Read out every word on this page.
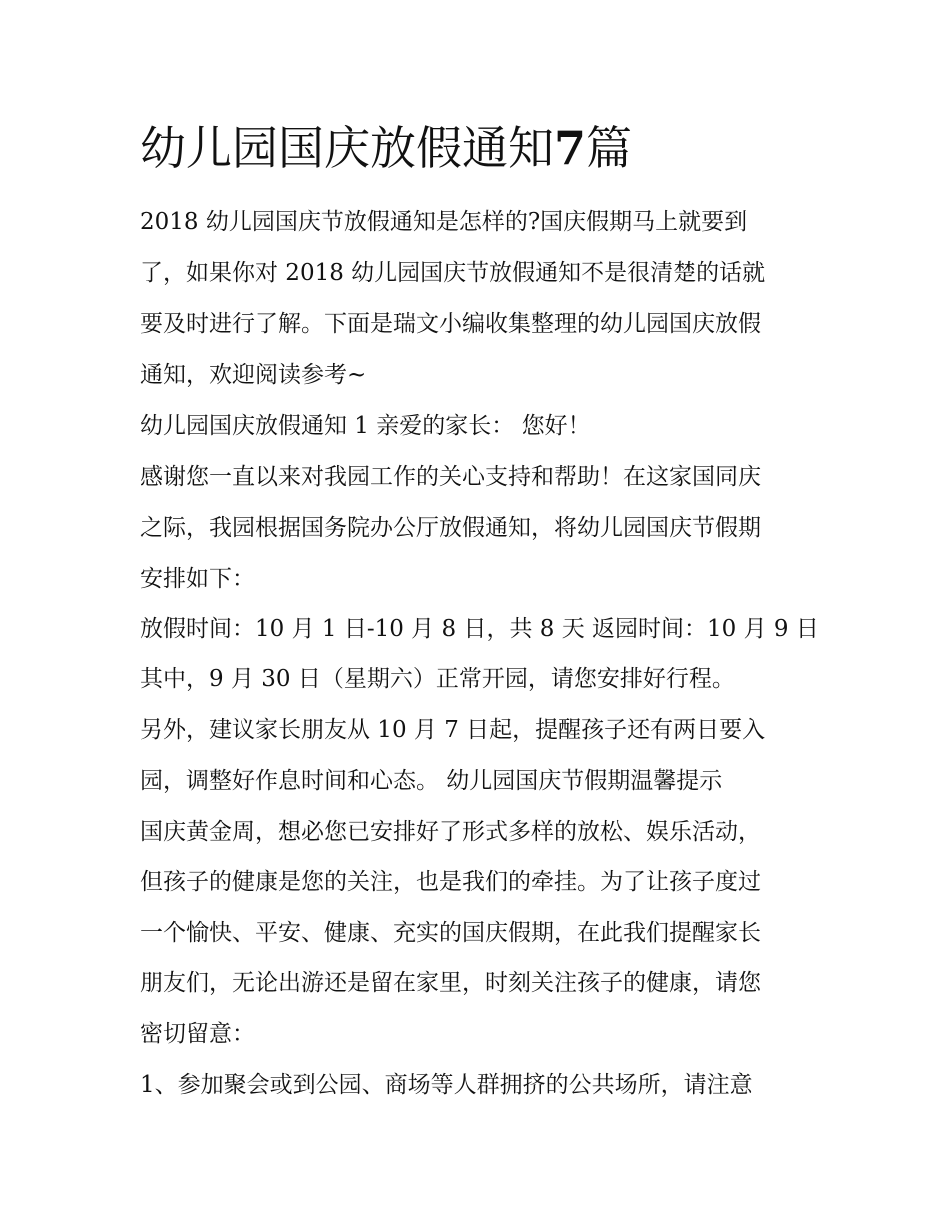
幼儿园国庆放假通知7篇
2018 幼儿园国庆节放假通知是怎样的?国庆假期马上就要到
了，如果你对 2018 幼儿园国庆节放假通知不是很清楚的话就
要及时进行了解。下面是瑞文小编收集整理的幼儿园国庆放假
通知，欢迎阅读参考~
幼儿园国庆放假通知 1 亲爱的家长： 您好！
感谢您一直以来对我园工作的关心支持和帮助！在这家国同庆
之际，我园根据国务院办公厅放假通知，将幼儿园国庆节假期
安排如下：
放假时间：10 月 1 日-10 月 8 日，共 8 天 返园时间：10 月 9 日
其中，9 月 30 日（星期六）正常开园，请您安排好行程。
另外，建议家长朋友从 10 月 7 日起，提醒孩子还有两日要入
园，调整好作息时间和心态。 幼儿园国庆节假期温馨提示
国庆黄金周，想必您已安排好了形式多样的放松、娱乐活动，
但孩子的健康是您的关注，也是我们的牵挂。为了让孩子度过
一个愉快、平安、健康、充实的国庆假期，在此我们提醒家长
朋友们，无论出游还是留在家里，时刻关注孩子的健康，请您
密切留意：
1、参加聚会或到公园、商场等人群拥挤的公共场所，请注意
